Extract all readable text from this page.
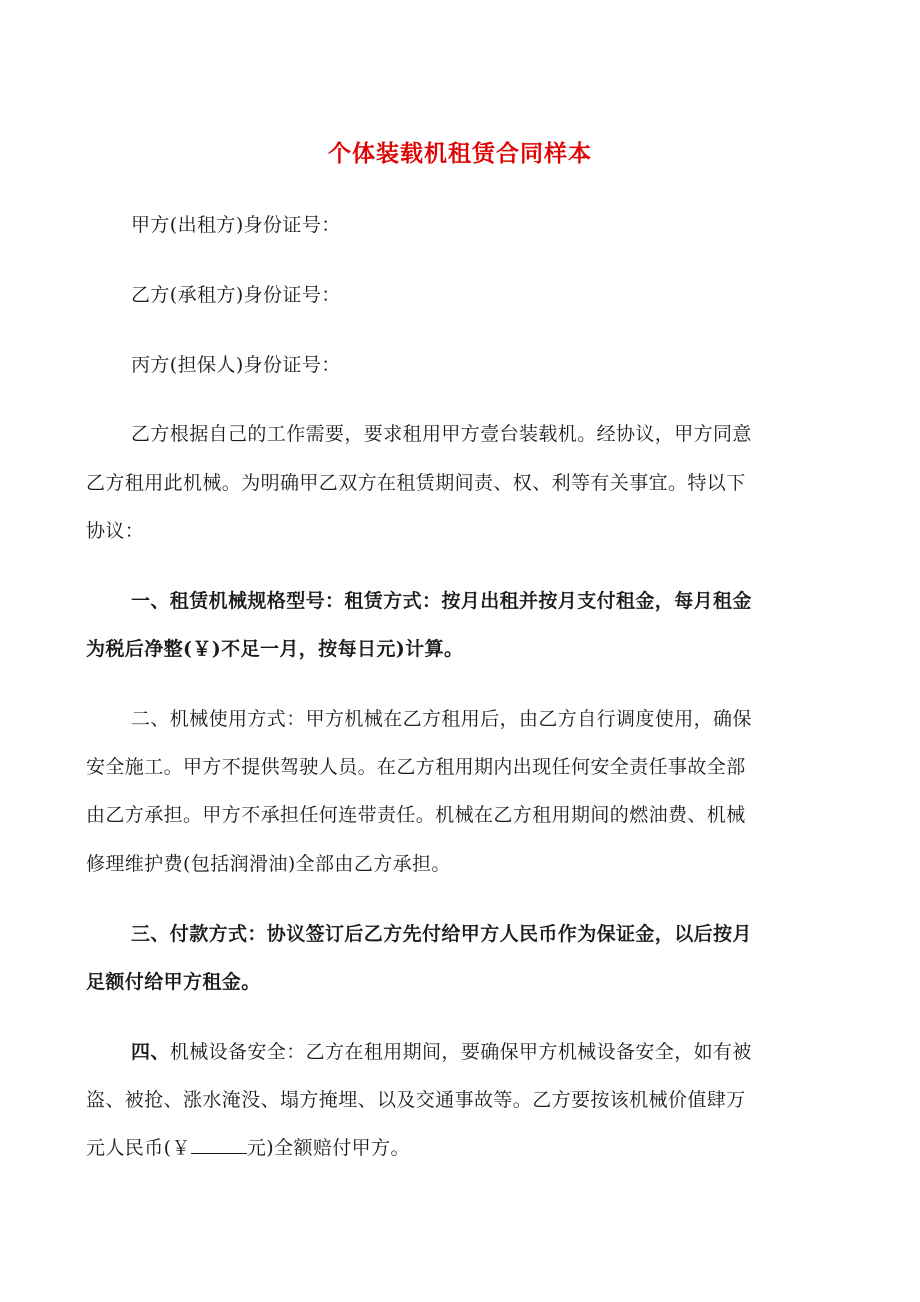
个体装载机租赁合同样本
甲方(出租方)身份证号：
乙方(承租方)身份证号：
丙方(担保人)身份证号：
乙方根据自己的工作需要，要求租用甲方壹台装载机。经协议，甲方同意
乙方租用此机械。为明确甲乙双方在租赁期间责、权、利等有关事宜。特以下
协议：
一、租赁机械规格型号：租赁方式：按月出租并按月支付租金，每月租金
为税后净整(￥)不足一月，按每日元)计算。
二、机械使用方式：甲方机械在乙方租用后，由乙方自行调度使用，确保
安全施工。甲方不提供驾驶人员。在乙方租用期内出现任何安全责任事故全部
由乙方承担。甲方不承担任何连带责任。机械在乙方租用期间的燃油费、机械
修理维护费(包括润滑油)全部由乙方承担。
三、付款方式：协议签订后乙方先付给甲方人民币作为保证金，以后按月
足额付给甲方租金。
四、机械设备安全：乙方在租用期间，要确保甲方机械设备安全，如有被
盗、被抢、涨水淹没、塌方掩埋、以及交通事故等。乙方要按该机械价值肆万
元人民币(￥	元)全额赔付甲方。
